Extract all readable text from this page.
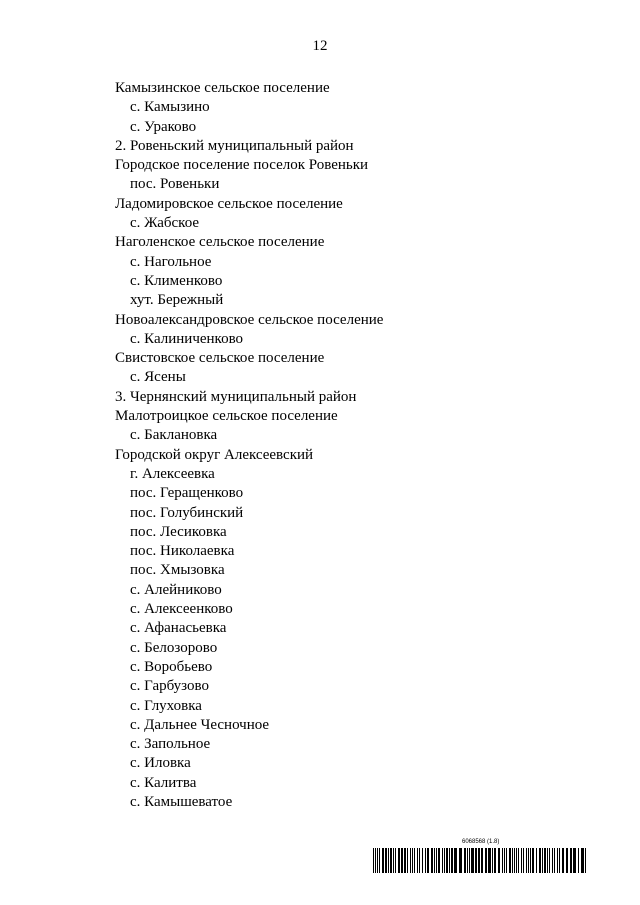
12
Камызинское сельское поселение
с. Камызино
с. Ураково
2. Ровеньский муниципальный район
Городское поселение поселок Ровеньки
пос. Ровеньки
Ладомировское сельское поселение
с. Жабское
Наголенское сельское поселение
с. Нагольное
с. Клименково
хут. Бережный
Новоалександровское сельское поселение
с. Калиниченково
Свистовское сельское поселение
с. Ясены
3. Чернянский муниципальный район
Малотроицкое сельское поселение
с. Баклановка
Городской округ Алексеевский
г. Алексеевка
пос. Геращенково
пос. Голубинский
пос. Лесиковка
пос. Николаевка
пос. Хмызовка
с. Алейниково
с. Алексеенково
с. Афанасьевка
с. Белозорово
с. Воробьево
с. Гарбузово
с. Глуховка
с. Дальнее Чесночное
с. Запольное
с. Иловка
с. Калитва
с. Камышеватое
6068568 (1.8)
